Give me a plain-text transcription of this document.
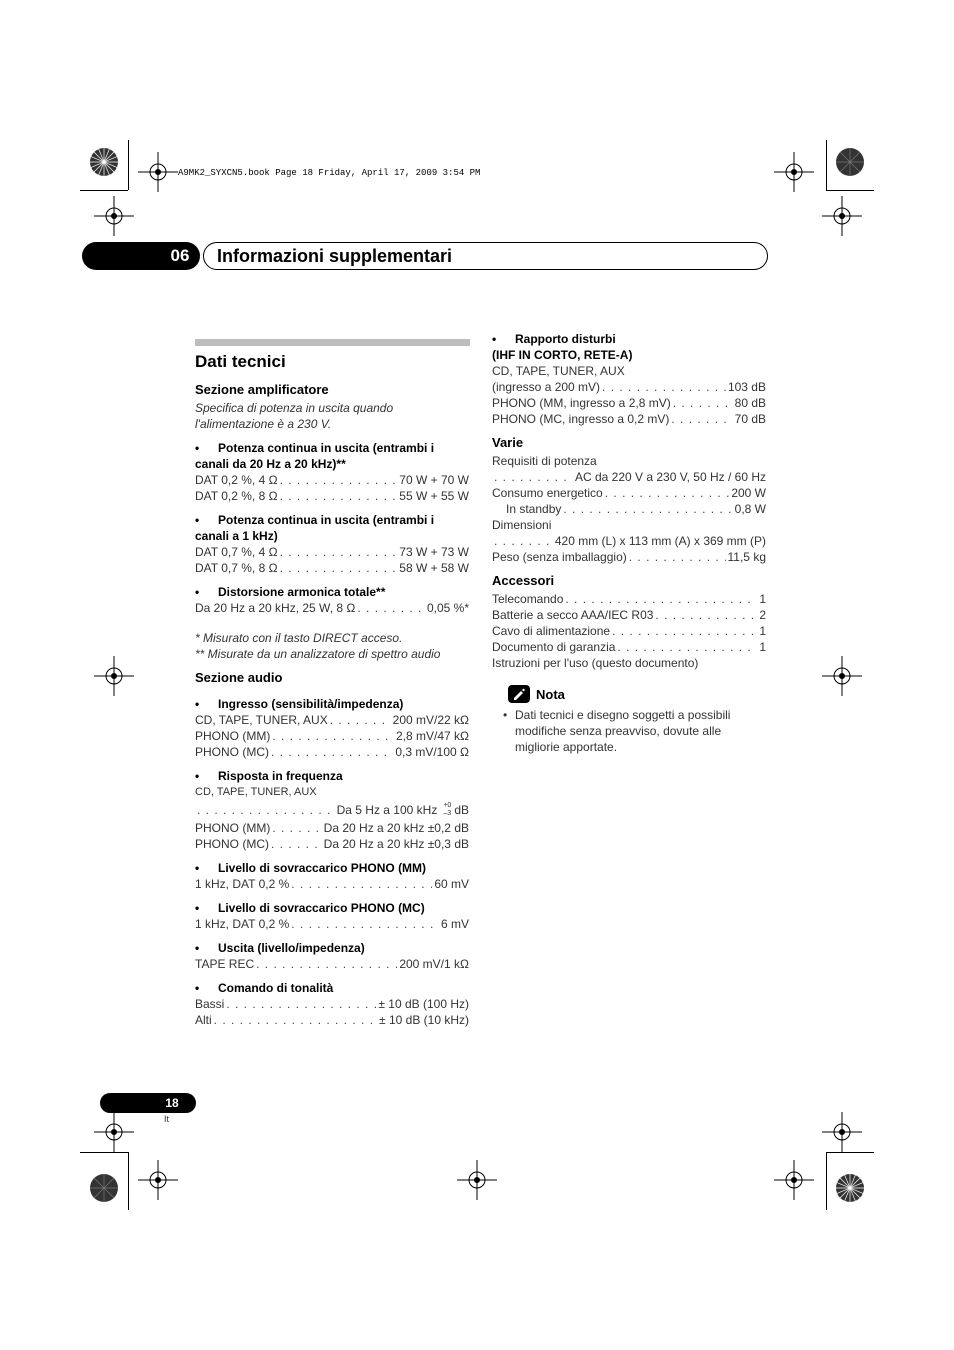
A9MK2_SYXCN5.book Page 18 Friday, April 17, 2009 3:54 PM
06	Informazioni supplementari
Dati tecnici
Sezione amplificatore
Specifica di potenza in uscita quando
l'alimentazione è a 230 V.
• Potenza continua in uscita (entrambi i
canali da 20 Hz a 20 kHz)**
DAT 0,2 %, 4 Ω . . .	70 W + 70 W
DAT 0,2 %, 8 Ω . . .	55 W + 55 W
• Potenza continua in uscita (entrambi i
canali a 1 kHz)
DAT 0,7 %, 4 Ω . . .	73 W + 73 W
DAT 0,7 %, 8 Ω . . .	58 W + 58 W
• Distorsione armonica totale**
Da 20 Hz a 20 kHz, 25 W, 8 Ω . . .	0,05 %*
* Misurato con il tasto DIRECT acceso.
** Misurate da un analizzatore di spettro audio
Sezione audio
• Ingresso (sensibilità/impedenza)
CD, TAPE, TUNER, AUX . . .	200 mV/22 kΩ
PHONO (MM) . . .	2,8 mV/47 kΩ
PHONO (MC) . . .	0,3 mV/100 Ω
• Risposta in frequenza
CD, TAPE, TUNER, AUX
. . .
Da 5 Hz a 100 kHz +0
–3 dB
PHONO (MM) . . .	Da 20 Hz a 20 kHz ±0,2 dB
PHONO (MC) . . .	Da 20 Hz a 20 kHz ±0,3 dB
• Livello di sovraccarico PHONO (MM)
1 kHz, DAT 0,2 % . . .	60 mV
• Livello di sovraccarico PHONO (MC)
1 kHz, DAT 0,2 % . . .	6 mV
• Uscita (livello/impedenza)
TAPE REC . . .	200 mV/1 kΩ
• Comando di tonalità
Bassi . . .	± 10 dB (100 Hz)
Alti . . .	± 10 dB (10 kHz)
• Rapporto disturbi
(IHF IN CORTO, RETE-A)
CD, TAPE, TUNER, AUX
(ingresso a 200 mV) . . .	103 dB
PHONO (MM, ingresso a 2,8 mV) . . .	80 dB
PHONO (MC, ingresso a 0,2 mV) . . .	70 dB
Varie
Requisiti di potenza
. . .
AC da 220 V a 230 V, 50 Hz / 60 Hz
Consumo energetico . . .	200 W
In standby . . .	0,8 W
Dimensioni
. . .
420 mm (L) x 113 mm (A) x 369 mm (P)
Peso (senza imballaggio) . . .	11,5 kg
Accessori
Telecomando . . .	1
Batterie a secco AAA/IEC R03 . . .	2
Cavo di alimentazione . . .	1
Documento di garanzia . . .	1
Istruzioni per l'uso (questo documento)
Nota
• Dati tecnici e disegno soggetti a possibili modifiche senza preavviso, dovute alle migliorie apportate.
18
It
